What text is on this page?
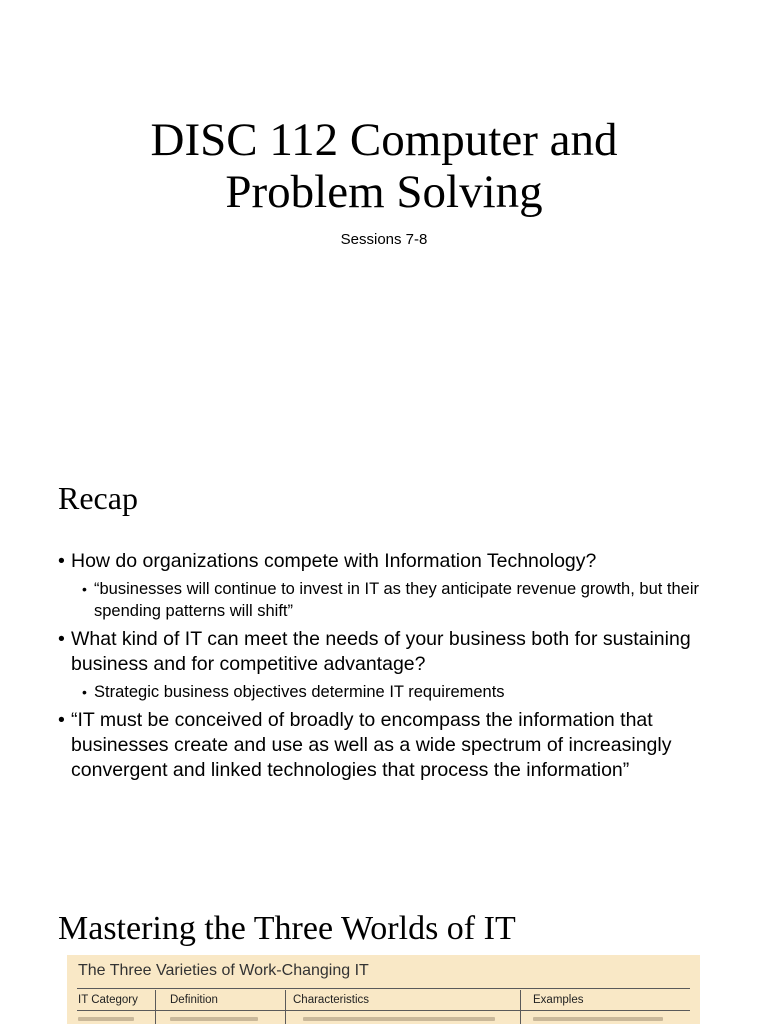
DISC 112 Computer and
Problem Solving
Sessions 7-8
Recap
• How do organizations compete with Information Technology?
• “businesses will continue to invest in IT as they anticipate revenue growth, but their spending patterns will shift”
• What kind of IT can meet the needs of your business both for sustaining business and for competitive advantage?
• Strategic business objectives determine IT requirements
• “IT must be conceived of broadly to encompass the information that businesses create and use as well as a wide spectrum of increasingly convergent and linked technologies that process the information”
Mastering the Three Worlds of IT
The Three Varieties of Work-Changing IT
IT Category	Definition	Characteristics	Examples
